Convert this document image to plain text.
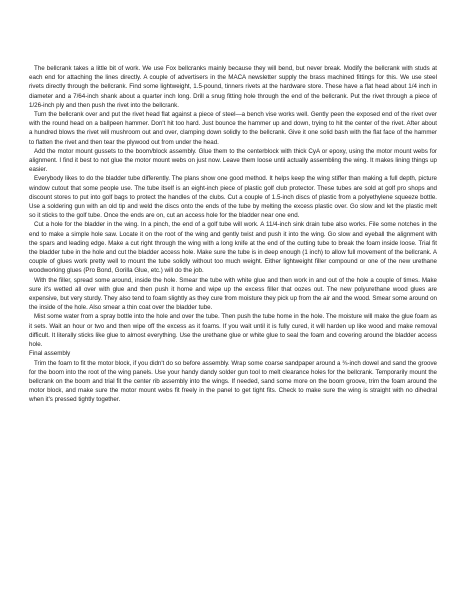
The bellcrank takes a little bit of work. We use Fox bellcranks mainly because they will bend, but never break. Modify the bellcrank with studs at each end for attaching the lines directly. A couple of advertisers in the MACA newsletter supply the brass machined fittings for this. We use steel rivets directly through the bellcrank. Find some lightweight, 1.5-pound, tinners rivets at the hardware store. These have a flat head about 1/4 inch in diameter and a 7/64-inch shank about a quarter inch long. Drill a snug fitting hole through the end of the bellcrank. Put the rivet through a piece of 1/26-inch ply and then push the rivet into the bellcrank.

Turn the bellcrank over and put the rivet head flat against a piece of steel—a bench vise works well. Gently peen the exposed end of the rivet over with the round head on a ballpeen hammer. Don't hit too hard. Just bounce the hammer up and down, trying to hit the center of the rivet. After about a hundred blows the rivet will mushroom out and over, clamping down solidly to the bellcrank. Give it one solid bash with the flat face of the hammer to flatten the rivet and then tear the plywood out from under the head.

Add the motor mount gussets to the boom/block assembly. Glue them to the centerblock with thick CyA or epoxy, using the motor mount webs for alignment. I find it best to not glue the motor mount webs on just now. Leave them loose until actually assembling the wing. It makes lining things up easier.

Everybody likes to do the bladder tube differently. The plans show one good method. It helps keep the wing stiffer than making a full depth, picture window cutout that some people use. The tube itself is an eight-inch piece of plastic golf club protector. These tubes are sold at golf pro shops and discount stores to put into golf bags to protect the handles of the clubs. Cut a couple of 1.5-inch discs of plastic from a polyethylene squeeze bottle. Use a soldering gun with an old tip and weld the discs onto the ends of the tube by melting the excess plastic over. Go slow and let the plastic melt so it sticks to the golf tube. Once the ends are on, cut an access hole for the bladder near one end.

Cut a hole for the bladder in the wing. In a pinch, the end of a golf tube will work. A 11/4-inch sink drain tube also works. File some notches in the end to make a simple hole saw. Locate it on the root of the wing and gently twist and push it into the wing. Go slow and eyeball the alignment with the spars and leading edge. Make a cut right through the wing with a long knife at the end of the cutting tube to break the foam inside loose. Trial fit the bladder tube in the hole and cut the bladder access hole. Make sure the tube is in deep enough (1 inch) to allow full movement of the bellcrank. A couple of glues work pretty well to mount the tube solidly without too much weight. Either lightweight filler compound or one of the new urethane woodworking glues (Pro Bond, Gorilla Glue, etc.) will do the job.

With the filler, spread some around, inside the hole. Smear the tube with white glue and then work in and out of the hole a couple of times. Make sure it's wetted all over with glue and then push it home and wipe up the excess filler that oozes out. The new polyurethane wood glues are expensive, but very sturdy. They also tend to foam slightly as they cure from moisture they pick up from the air and the wood. Smear some around on the inside of the hole. Also smear a thin coat over the bladder tube.

Mist some water from a spray bottle into the hole and over the tube. Then push the tube home in the hole. The moisture will make the glue foam as it sets. Wait an hour or two and then wipe off the excess as it foams. If you wait until it is fully cured, it will harden up like wood and make removal difficult. It literally sticks like glue to almost everything. Use the urethane glue or white glue to seal the foam and covering around the bladder access hole.

Final assembly

Trim the foam to fit the motor block, if you didn't do so before assembly. Wrap some coarse sandpaper around a ¾-inch dowel and sand the groove for the boom into the root of the wing panels. Use your handy dandy solder gun tool to melt clearance holes for the bellcrank. Temporarily mount the bellcrank on the boom and trial fit the center rib assembly into the wings. If needed, sand some more on the boom groove, trim the foam around the motor block, and make sure the motor mount webs fit freely in the panel to get tight fits. Check to make sure the wing is straight with no dihedral when it's pressed tightly together.
